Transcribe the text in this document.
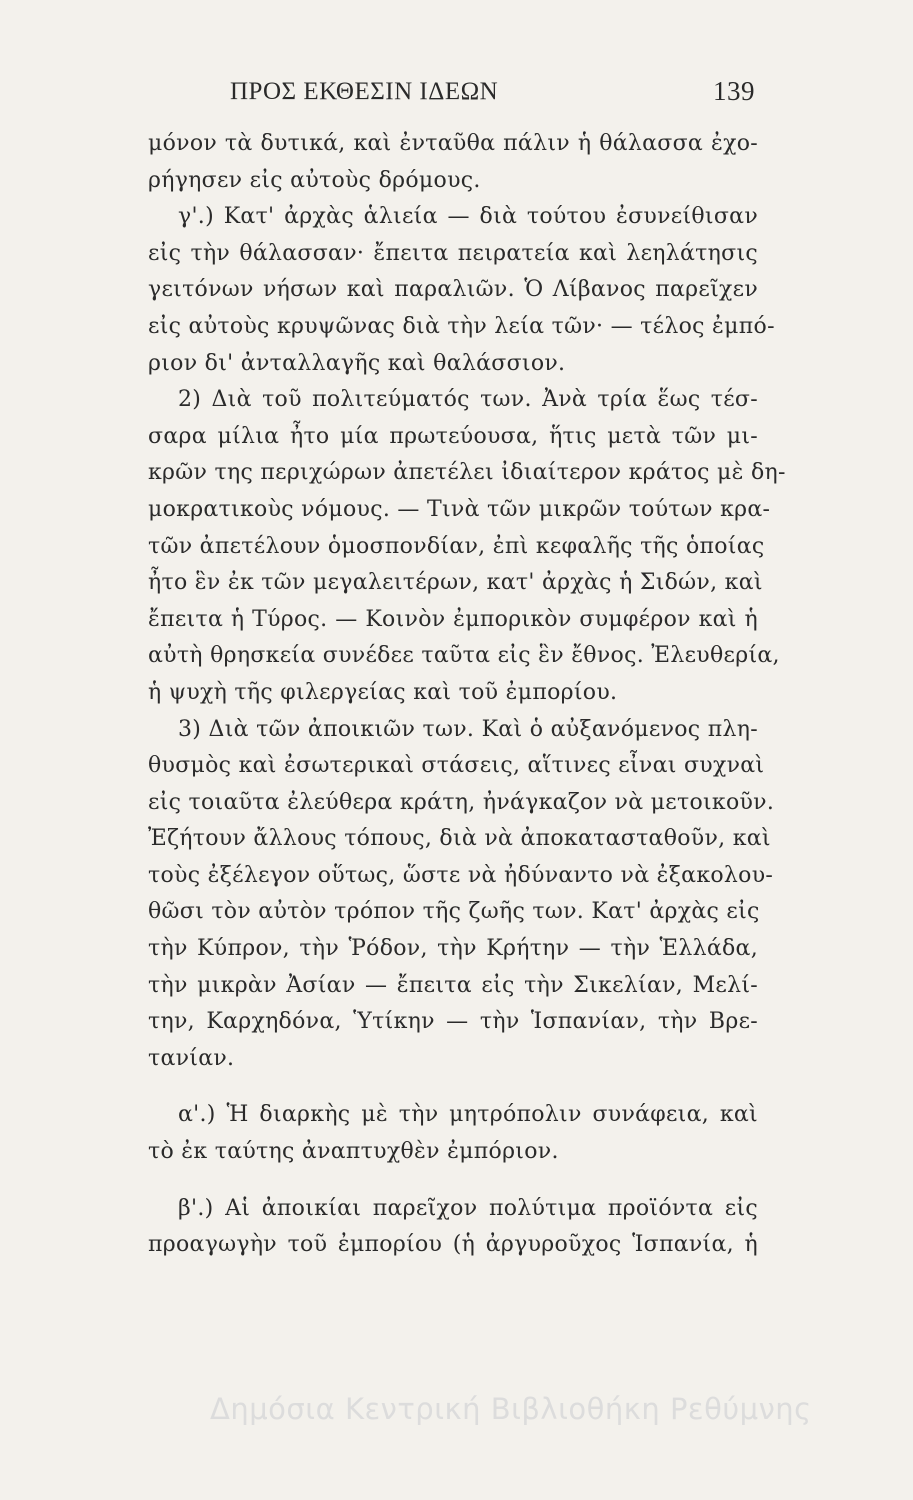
ΠΡΟΣ ΕΚΘΕΣΙΝ ΙΔΕΩΝ	139
μόνον τὰ δυτικά, καὶ ἐνταῦθα πάλιν ἡ θάλασσα ἐχο-
ρήγησεν εἰς αὐτοὺς δρόμους.
γ'.) Κατ' ἀρχὰς ἁλιεία — διὰ τούτου ἐσυνείθισαν
εἰς τὴν θάλασσαν· ἔπειτα πειρατεία καὶ λεηλάτησις
γειτόνων νήσων καὶ παραλιῶν. Ὁ Λίβανος παρεῖχεν
εἰς αὐτοὺς κρυψῶνας διὰ τὴν λεία τῶν· — τέλος ἐμπό-
ριον δι' ἀνταλλαγῆς καὶ θαλάσσιον.
2) Διὰ τοῦ πολιτεύματός των. Ἀνὰ τρία ἕως τέσ-
σαρα μίλια ἦτο μία πρωτεύουσα, ἥτις μετὰ τῶν μι-
κρῶν της περιχώρων ἀπετέλει ἰδιαίτερον κράτος μὲ δη-
μοκρατικοὺς νόμους. — Τινὰ τῶν μικρῶν τούτων κρα-
τῶν ἀπετέλουν ὁμοσπονδίαν, ἐπὶ κεφαλῆς τῆς ὁποίας
ἦτο ἓν ἐκ τῶν μεγαλειτέρων, κατ' ἀρχὰς ἡ Σιδών, καὶ
ἔπειτα ἡ Τύρος. — Κοινὸν ἐμπορικὸν συμφέρον καὶ ἡ
αὐτὴ θρησκεία συνέδεε ταῦτα εἰς ἓν ἔθνος. Ἐλευθερία,
ἡ ψυχὴ τῆς φιλεργείας καὶ τοῦ ἐμπορίου.
3) Διὰ τῶν ἀποικιῶν των. Καὶ ὁ αὐξανόμενος πλη-
θυσμὸς καὶ ἐσωτερικαὶ στάσεις, αἵτινες εἶναι συχναὶ
εἰς τοιαῦτα ἐλεύθερα κράτη, ἠνάγκαζον νὰ μετοικοῦν.
Ἐζήτουν ἄλλους τόπους, διὰ νὰ ἀποκατασταθοῦν, καὶ
τοὺς ἐξέλεγον οὕτως, ὥστε νὰ ἠδύναντο νὰ ἐξακολου-
θῶσι τὸν αὐτὸν τρόπον τῆς ζωῆς των. Κατ' ἀρχὰς εἰς
τὴν Κύπρον, τὴν Ῥόδον, τὴν Κρήτην — τὴν Ἑλλάδα,
τὴν μικρὰν Ἀσίαν — ἔπειτα εἰς τὴν Σικελίαν, Μελί-
την, Καρχηδόνα, Ὑτίκην — τὴν Ἱσπανίαν, τὴν Βρε-
τανίαν.
α'.) Ἡ διαρκὴς μὲ τὴν μητρόπολιν συνάφεια, καὶ
τὸ ἐκ ταύτης ἀναπτυχθὲν ἐμπόριον.
β'.) Αἱ ἀποικίαι παρεῖχον πολύτιμα προϊόντα εἰς
προαγωγὴν τοῦ ἐμπορίου (ἡ ἀργυροῦχος Ἱσπανία, ἡ
Δημόσια Κεντρική Βιβλιοθήκη Ρεθύμνης
